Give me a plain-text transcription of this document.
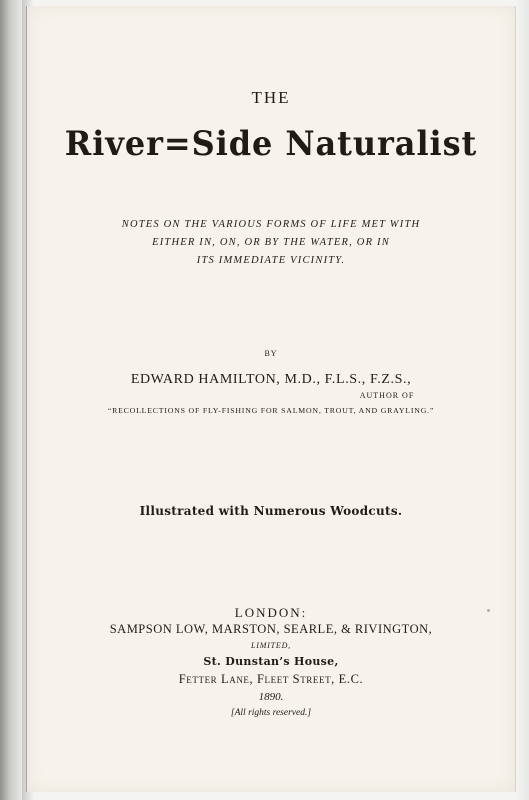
THE
River=Side Naturalist
NOTES ON THE VARIOUS FORMS OF LIFE MET WITH
EITHER IN, ON, OR BY THE WATER, OR IN
ITS IMMEDIATE VICINITY.
BY
EDWARD HAMILTON, M.D., F.L.S., F.Z.S.,
AUTHOR OF
“RECOLLECTIONS OF FLY-FISHING FOR SALMON, TROUT, AND GRAYLING.”
Illustrated with Numerous Woodcuts.
LONDON:
SAMPSON LOW, MARSTON, SEARLE, & RIVINGTON,
LIMITED,
St. Dunstan’s House,
Fetter Lane, Fleet Street, E.C.
1890.
[All rights reserved.]
